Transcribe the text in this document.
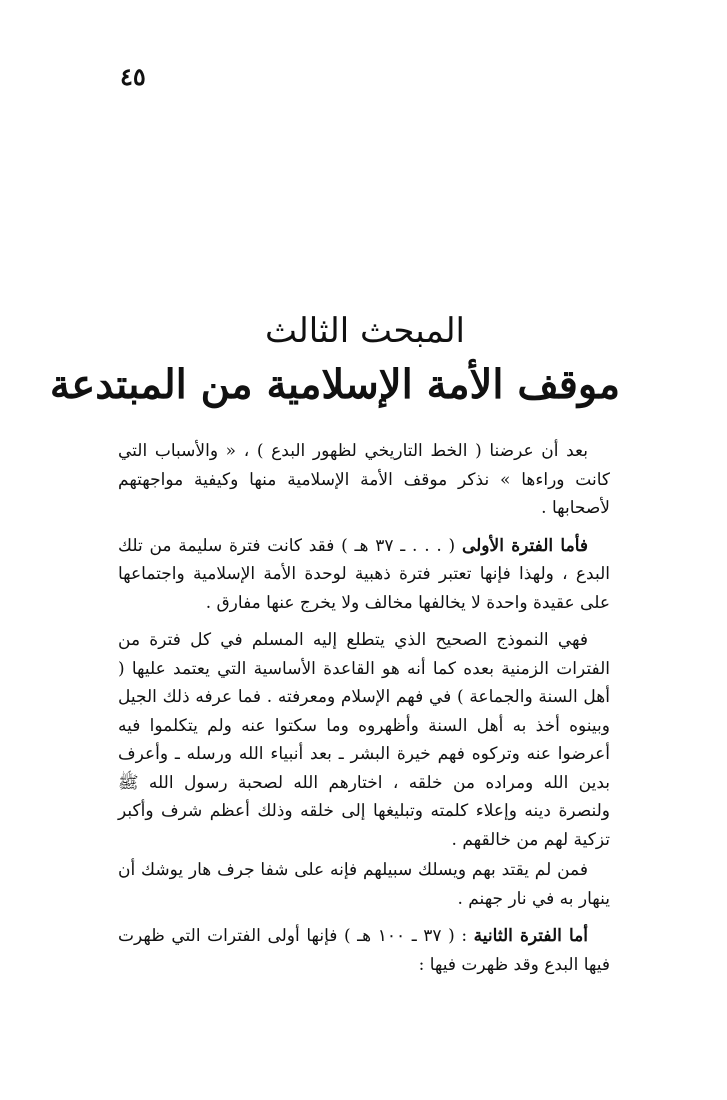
٤٥
المبحث الثالث
موقف الأمة الإسلامية من المبتدعة

بعد أن عرضنا ( الخط التاريخي لظهور البدع ) ، « والأسباب التي كانت وراءها » نذكر موقف الأمة الإسلامية منها وكيفية مواجهتهم لأصحابها .

فأما الفترة الأولى ( . . . ـ ٣٧ هـ ) فقد كانت فترة سليمة من تلك البدع ، ولهذا فإنها تعتبر فترة ذهبية لوحدة الأمة الإسلامية واجتماعها على عقيدة واحدة لا يخالفها مخالف ولا يخرج عنها مفارق .

فهي النموذج الصحيح الذي يتطلع إليه المسلم في كل فترة من الفترات الزمنية بعده كما أنه هو القاعدة الأساسية التي يعتمد عليها ( أهل السنة والجماعة ) في فهم الإسلام ومعرفته . فما عرفه ذلك الجيل وبينوه أخذ به أهل السنة وأظهروه وما سكتوا عنه ولم يتكلموا فيه أعرضوا عنه وتركوه فهم خيرة البشر ـ بعد أنبياء الله ورسله ـ وأعرف بدين الله ومراده من خلقه ، اختارهم الله لصحبة رسول الله ﷺ ولنصرة دينه وإعلاء كلمته وتبليغها إلى خلقه وذلك أعظم شرف وأكبر تزكية لهم من خالقهم .

فمن لم يقتد بهم ويسلك سبيلهم فإنه على شفا جرف هار يوشك أن ينهار به في نار جهنم .

أما الفترة الثانية : ( ٣٧ ـ ١٠٠ هـ ) فإنها أولى الفترات التي ظهرت فيها البدع وقد ظهرت فيها :
